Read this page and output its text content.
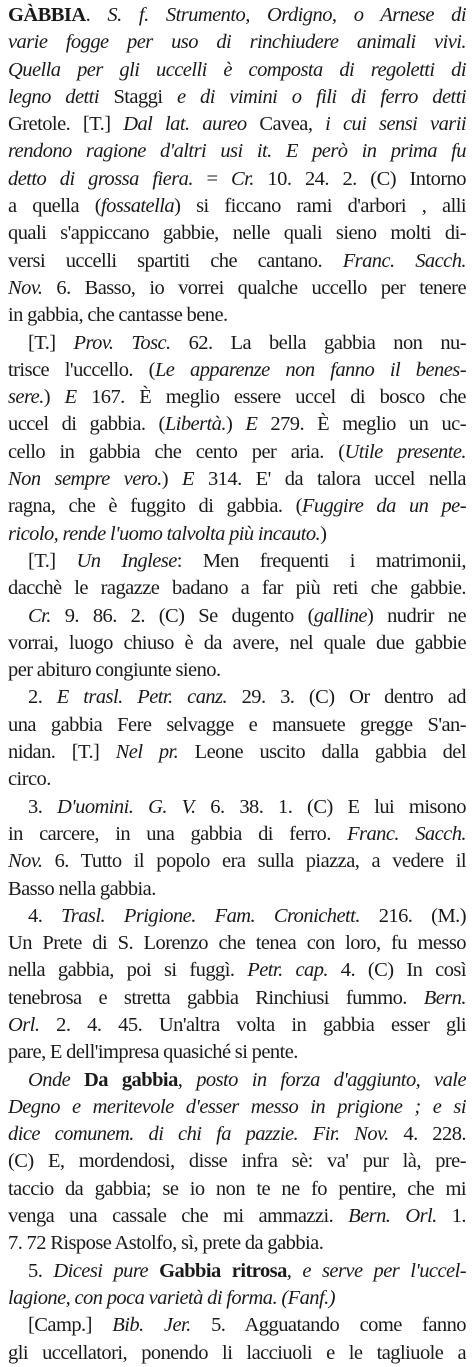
GÀBBIA. S. f. Strumento, Ordigno, o Arnese di
varie fogge per uso di rinchiudere animali vivi.
Quella per gli uccelli è composta di regoletti di
legno detti Staggi e di vimini o fili di ferro detti
Gretole. [T.] Dal lat. aureo Cavea, i cui sensi varii
rendono ragione d'altri usi it. E però in prima fu
detto di grossa fiera. = Cr. 10. 24. 2. (C) Intorno
a quella (fossatella) si ficcano rami d'arbori , alli
quali s'appiccano gabbie, nelle quali sieno molti di-
versi uccelli spartiti che cantano. Franc. Sacch.
Nov. 6. Basso, io vorrei qualche uccello per tenere
in gabbia, che cantasse bene.
[T.] Prov. Tosc. 62. La bella gabbia non nu-
trisce l'uccello. (Le apparenze non fanno il benes-
sere.) E 167. È meglio essere uccel di bosco che
uccel di gabbia. (Libertà.) E 279. È meglio un uc-
cello in gabbia che cento per aria. (Utile presente.
Non sempre vero.) E 314. E' da talora uccel nella
ragna, che è fuggito di gabbia. (Fuggire da un pe-
ricolo, rende l'uomo talvolta più incauto.)
[T.] Un Inglese: Men frequenti i matrimonii,
dacchè le ragazze badano a far più reti che gabbie.
Cr. 9. 86. 2. (C) Se dugento (galline) nudrir ne
vorrai, luogo chiuso è da avere, nel quale due gabbie
per abituro congiunte sieno.
2. E trasl. Petr. canz. 29. 3. (C) Or dentro ad
una gabbia Fere selvagge e mansuete gregge S'an-
nidan. [T.] Nel pr. Leone uscito dalla gabbia del
circo.
3. D'uomini. G. V. 6. 38. 1. (C) E lui misono
in carcere, in una gabbia di ferro. Franc. Sacch.
Nov. 6. Tutto il popolo era sulla piazza, a vedere il
Basso nella gabbia.
4. Trasl. Prigione. Fam. Cronichett. 216. (M.)
Un Prete di S. Lorenzo che tenea con loro, fu messo
nella gabbia, poi si fuggì. Petr. cap. 4. (C) In così
tenebrosa e stretta gabbia Rinchiusi fummo. Bern.
Orl. 2. 4. 45. Un'altra volta in gabbia esser gli
pare, E dell'impresa quasiché si pente.
Onde Da gabbia, posto in forza d'aggiunto, vale
Degno e meritevole d'esser messo in prigione ; e si
dice comunem. di chi fa pazzie. Fir. Nov. 4. 228.
(C) E, mordendosi, disse infra sè: va' pur là, pre-
taccio da gabbia; se io non te ne fo pentire, che mi
venga una cassale che mi ammazzi. Bern. Orl. 1.
7. 72 Rispose Astolfo, sì, prete da gabbia.
5. Dicesi pure Gabbia ritrosa, e serve per l'uccel-
lagione, con poca varietà di forma. (Fanf.)
[Camp.] Bib. Jer. 5. Agguatando come fanno
gli uccellatori, ponendo li lacciuoli e le tagliuole a
